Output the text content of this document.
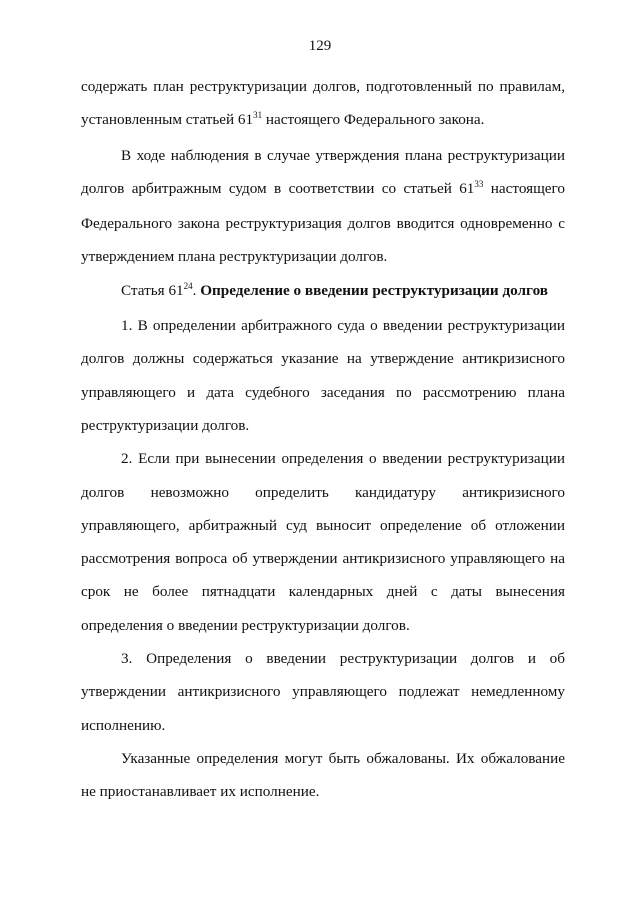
129

содержать план реструктуризации долгов, подготовленный по правилам, установленным статьей $61^{31}$ настоящего Федерального закона.

В ходе наблюдения в случае утверждения плана реструктуризации долгов арбитражным судом в соответствии со статьей $61^{33}$ настоящего Федерального закона реструктуризация долгов вводится одновременно с утверждением плана реструктуризации долгов.

Статья $61^{24}$. Определение о введении реструктуризации долгов

1. В определении арбитражного суда о введении реструктуризации долгов должны содержаться указание на утверждение антикризисного управляющего и дата судебного заседания по рассмотрению плана реструктуризации долгов.

2. Если при вынесении определения о введении реструктуризации долгов невозможно определить кандидатуру антикризисного управляющего, арбитражный суд выносит определение об отложении рассмотрения вопроса об утверждении антикризисного управляющего на срок не более пятнадцати календарных дней с даты вынесения определения о введении реструктуризации долгов.

3. Определения о введении реструктуризации долгов и об утверждении антикризисного управляющего подлежат немедленному исполнению.

Указанные определения могут быть обжалованы. Их обжалование не приостанавливает их исполнение.
